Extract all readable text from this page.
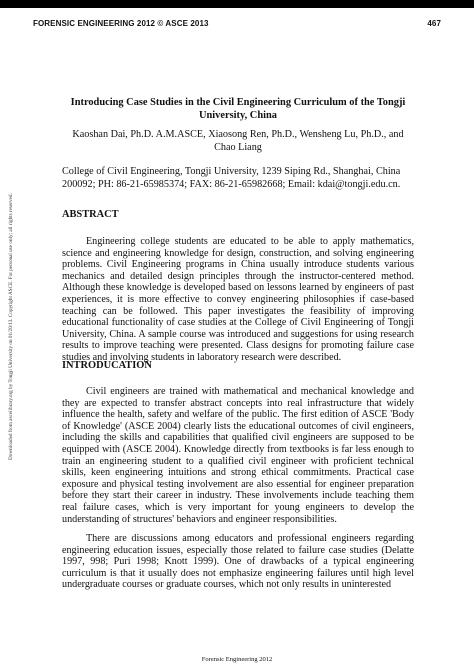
FORENSIC ENGINEERING 2012 © ASCE 2013	467
Downloaded from ascelibrary.org by Tongji University on 01/20/13. Copyright ASCE. For personal use only; all rights reserved.
Introducing Case Studies in the Civil Engineering Curriculum of the Tongji University, China
Kaoshan Dai, Ph.D. A.M.ASCE, Xiaosong Ren, Ph.D., Wensheng Lu, Ph.D., and Chao Liang
College of Civil Engineering, Tongji University, 1239 Siping Rd., Shanghai, China 200092; PH: 86-21-65985374; FAX: 86-21-65982668; Email: kdai@tongji.edu.cn.
ABSTRACT

Engineering college students are educated to be able to apply mathematics, science and engineering knowledge for design, construction, and solving engineering problems. Civil Engineering programs in China usually introduce students various mechanics and detailed design principles through the instructor-centered method. Although these knowledge is developed based on lessons learned by engineers of past experiences, it is more effective to convey engineering philosophies if case-based teaching can be followed. This paper investigates the feasibility of improving educational functionality of case studies at the College of Civil Engineering of Tongji University, China. A sample course was introduced and suggestions for using research results to improve teaching were presented. Class designs for promoting failure case studies and involving students in laboratory research were described.

INTRODUCATION

Civil engineers are trained with mathematical and mechanical knowledge and they are expected to transfer abstract concepts into real infrastructure that widely influence the health, safety and welfare of the public. The first edition of ASCE 'Body of Knowledge' (ASCE 2004) clearly lists the educational outcomes of civil engineers, including the skills and capabilities that qualified civil engineers are supposed to be equipped with (ASCE 2004). Knowledge directly from textbooks is far less enough to train an engineering student to a qualified civil engineer with proficient technical skills, keen engineering intuitions and strong ethical commitments. Practical case exposure and physical testing involvement are also essential for engineer preparation before they start their career in industry. These involvements include teaching them real failure cases, which is very important for young engineers to develop the understanding of structures' behaviors and engineer responsibilities.

There are discussions among educators and professional engineers regarding engineering education issues, especially those related to failure case studies (Delatte 1997, 998; Puri 1998; Knott 1999). One of drawbacks of a typical engineering curriculum is that it usually does not emphasize engineering failures until high level undergraduate courses or graduate courses, which not only results in uninterested

Forensic Engineering 2012
